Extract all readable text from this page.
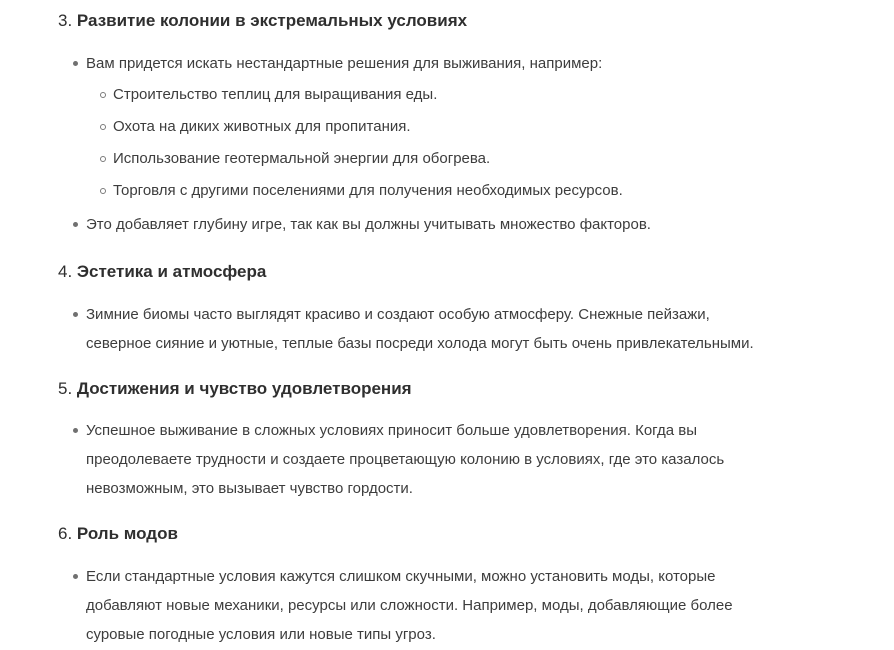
3. Развитие колонии в экстремальных условиях
Вам придется искать нестандартные решения для выживания, например:
Строительство теплиц для выращивания еды.
Охота на диких животных для пропитания.
Использование геотермальной энергии для обогрева.
Торговля с другими поселениями для получения необходимых ресурсов.
Это добавляет глубину игре, так как вы должны учитывать множество факторов.
4. Эстетика и атмосфера
Зимние биомы часто выглядят красиво и создают особую атмосферу. Снежные пейзажи,
северное сияние и уютные, теплые базы посреди холода могут быть очень привлекательными.
5. Достижения и чувство удовлетворения
Успешное выживание в сложных условиях приносит больше удовлетворения. Когда вы
преодолеваете трудности и создаете процветающую колонию в условиях, где это казалось
невозможным, это вызывает чувство гордости.
6. Роль модов
Если стандартные условия кажутся слишком скучными, можно установить моды, которые
добавляют новые механики, ресурсы или сложности. Например, моды, добавляющие более
суровые погодные условия или новые типы угроз.
